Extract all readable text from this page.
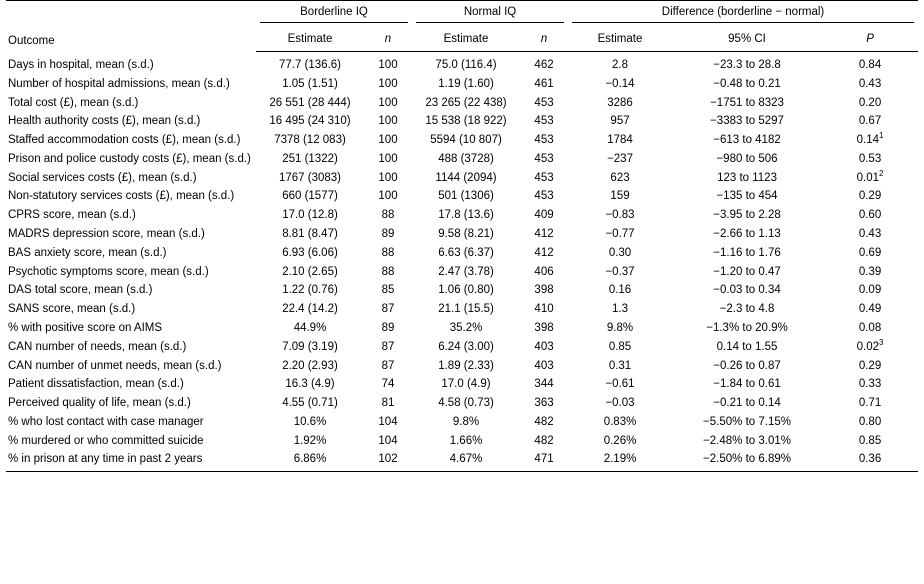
Outcome	Borderline IQ		Normal IQ		Difference (borderline − normal)		

	Estimate	n	Estimate	n	Estimate	95% CI	P
Days in hospital, mean (s.d.)	77.7 (136.6)	100	75.0 (116.4)	462	2.8	−23.3 to 28.8	0.84
Number of hospital admissions, mean (s.d.)	1.05 (1.51)	100	1.19 (1.60)	461	−0.14	−0.48 to 0.21	0.43
Total cost (£), mean (s.d.)	26 551 (28 444)	100	23 265 (22 438)	453	3286	−1751 to 8323	0.20
Health authority costs (£), mean (s.d.)	16 495 (24 310)	100	15 538 (18 922)	453	957	−3383 to 5297	0.67
Staffed accommodation costs (£), mean (s.d.)	7378 (12 083)	100	5594 (10 807)	453	1784	−613 to 4182	0.14$^1$
Prison and police custody costs (£), mean (s.d.)	251 (1322)	100	488 (3728)	453	−237	−980 to 506	0.53
Social services costs (£), mean (s.d.)	1767 (3083)	100	1144 (2094)	453	623	123 to 1123	0.01$^2$
Non-statutory services costs (£), mean (s.d.)	660 (1577)	100	501 (1306)	453	159	−135 to 454	0.29
CPRS score, mean (s.d.)	17.0 (12.8)	88	17.8 (13.6)	409	−0.83	−3.95 to 2.28	0.60
MADRS depression score, mean (s.d.)	8.81 (8.47)	89	9.58 (8.21)	412	−0.77	−2.66 to 1.13	0.43
BAS anxiety score, mean (s.d.)	6.93 (6.06)	88	6.63 (6.37)	412	0.30	−1.16 to 1.76	0.69
Psychotic symptoms score, mean (s.d.)	2.10 (2.65)	88	2.47 (3.78)	406	−0.37	−1.20 to 0.47	0.39
DAS total score, mean (s.d.)	1.22 (0.76)	85	1.06 (0.80)	398	0.16	−0.03 to 0.34	0.09
SANS score, mean (s.d.)	22.4 (14.2)	87	21.1 (15.5)	410	1.3	−2.3 to 4.8	0.49
% with positive score on AIMS	44.9%	89	35.2%	398	9.8%	−1.3% to 20.9%	0.08
CAN number of needs, mean (s.d.)	7.09 (3.19)	87	6.24 (3.00)	403	0.85	0.14 to 1.55	0.02$^3$
CAN number of unmet needs, mean (s.d.)	2.20 (2.93)	87	1.89 (2.33)	403	0.31	−0.26 to 0.87	0.29
Patient dissatisfaction, mean (s.d.)	16.3 (4.9)	74	17.0 (4.9)	344	−0.61	−1.84 to 0.61	0.33
Perceived quality of life, mean (s.d.)	4.55 (0.71)	81	4.58 (0.73)	363	−0.03	−0.21 to 0.14	0.71
% who lost contact with case manager	10.6%	104	9.8%	482	0.83%	−5.50% to 7.15%	0.80
% murdered or who committed suicide	1.92%	104	1.66%	482	0.26%	−2.48% to 3.01%	0.85
% in prison at any time in past 2 years	6.86%	102	4.67%	471	2.19%	−2.50% to 6.89%	0.36
